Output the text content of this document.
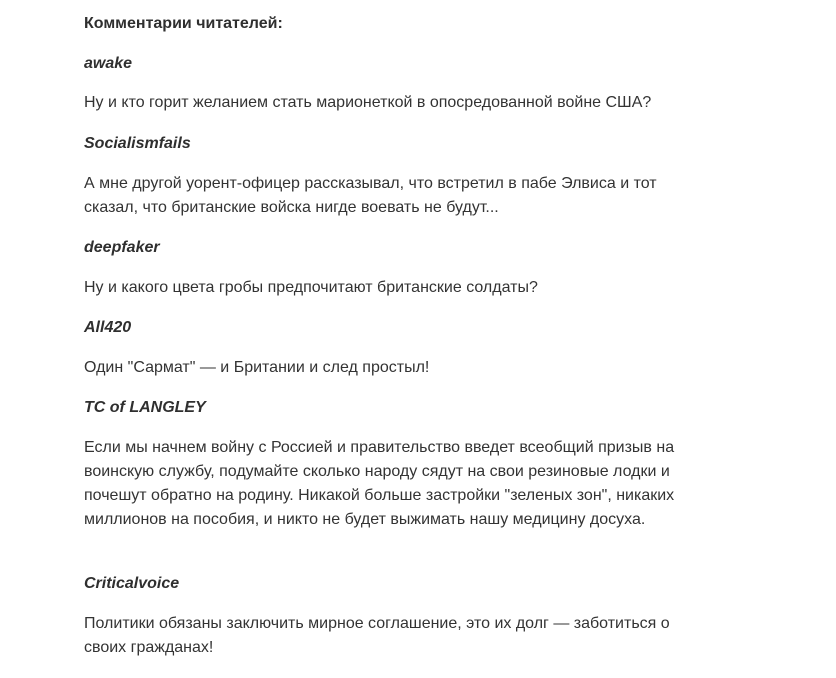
Комментарии читателей:
awake
Ну и кто горит желанием стать марионеткой в опосредованной войне США?
Socialismfails
А мне другой уорент-офицер рассказывал, что встретил в пабе Элвиса и тот сказал, что британские войска нигде воевать не будут...
deepfaker
Ну и какого цвета гробы предпочитают британские солдаты?
All420
Один "Сармат" — и Британии и след простыл!
TC of LANGLEY
Если мы начнем войну с Россией и правительство введет всеобщий призыв на воинскую службу, подумайте сколько народу сядут на свои резиновые лодки и почешут обратно на родину. Никакой больше застройки "зеленых зон", никаких миллионов на пособия, и никто не будет выжимать нашу медицину досуха.
Criticalvoice
Политики обязаны заключить мирное соглашение, это их долг — заботиться о своих гражданах!
